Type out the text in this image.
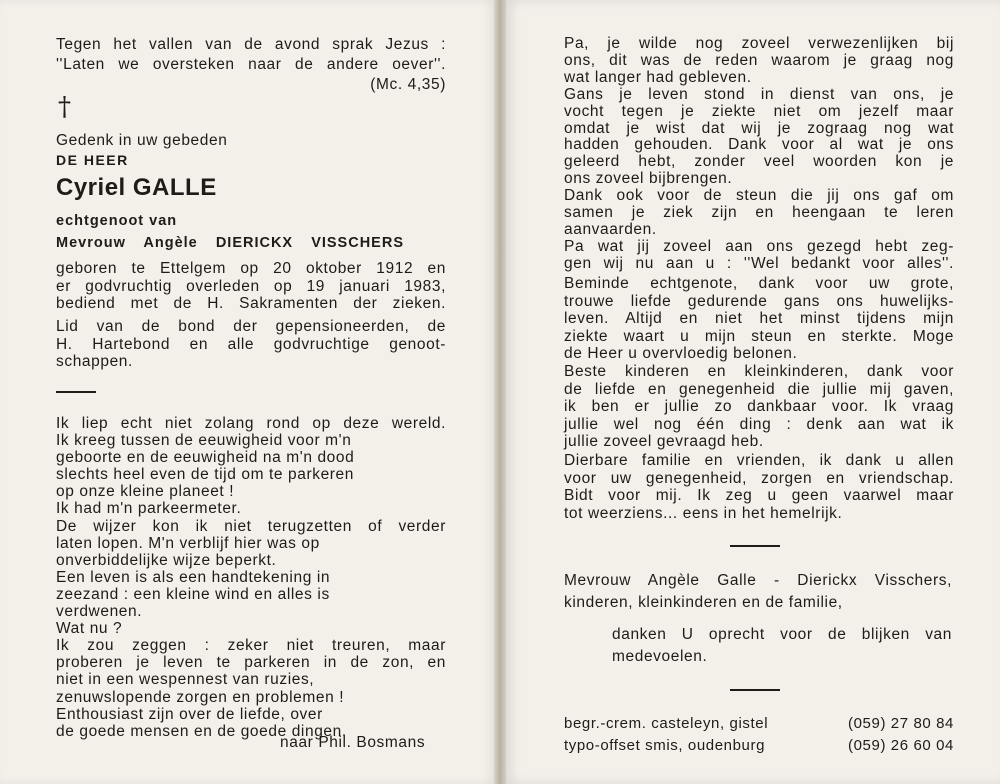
Tegen het vallen van de avond sprak Jezus :
''Laten we oversteken naar de andere oever''.
(Mc. 4,35)
†
Gedenk in uw gebeden
DE HEER
Cyriel GALLE
echtgenoot van
Mevrouw Angèle DIERICKX VISSCHERS
geboren te Ettelgem op 20 oktober 1912 en
er godvruchtig overleden op 19 januari 1983,
bediend met de H. Sakramenten der zieken.
Lid van de bond der gepensioneerden, de
H. Hartebond en alle godvruchtige genoot-
schappen.
Ik liep echt niet zolang rond op deze wereld.
Ik kreeg tussen de eeuwigheid voor m'n
geboorte en de eeuwigheid na m'n dood
slechts heel even de tijd om te parkeren
op onze kleine planeet !
Ik had m'n parkeermeter.
De wijzer kon ik niet terugzetten of verder
laten lopen. M'n verblijf hier was op
onverbiddelijke wijze beperkt.
Een leven is als een handtekening in
zeezand : een kleine wind en alles is
verdwenen.
Wat nu ?
Ik zou zeggen : zeker niet treuren, maar
proberen je leven te parkeren in de zon, en
niet in een wespennest van ruzies,
zenuwslopende zorgen en problemen !
Enthousiast zijn over de liefde, over
de goede mensen en de goede dingen.
naar Phil. Bosmans
Pa, je wilde nog zoveel verwezenlijken bij
ons, dit was de reden waarom je graag nog
wat langer had gebleven.
Gans je leven stond in dienst van ons, je
vocht tegen je ziekte niet om jezelf maar
omdat je wist dat wij je zograag nog wat
hadden gehouden. Dank voor al wat je ons
geleerd hebt, zonder veel woorden kon je
ons zoveel bijbrengen.
Dank ook voor de steun die jij ons gaf om
samen je ziek zijn en heengaan te leren
aanvaarden.
Pa wat jij zoveel aan ons gezegd hebt zeg-
gen wij nu aan u : ''Wel bedankt voor alles''.
Beminde echtgenote, dank voor uw grote,
trouwe liefde gedurende gans ons huwelijks-
leven. Altijd en niet het minst tijdens mijn
ziekte waart u mijn steun en sterkte. Moge
de Heer u overvloedig belonen.
Beste kinderen en kleinkinderen, dank voor
de liefde en genegenheid die jullie mij gaven,
ik ben er jullie zo dankbaar voor. Ik vraag
jullie wel nog één ding : denk aan wat ik
jullie zoveel gevraagd heb.
Dierbare familie en vrienden, ik dank u allen
voor uw genegenheid, zorgen en vriendschap.
Bidt voor mij. Ik zeg u geen vaarwel maar
tot weerziens... eens in het hemelrijk.
Mevrouw Angèle Galle - Dierickx Visschers,
kinderen, kleinkinderen en de familie,
danken U oprecht voor de blijken van
medevoelen.
begr.-crem. casteleyn, gistel	(059) 27 80 84
typo-offset smis, oudenburg	(059) 26 60 04
